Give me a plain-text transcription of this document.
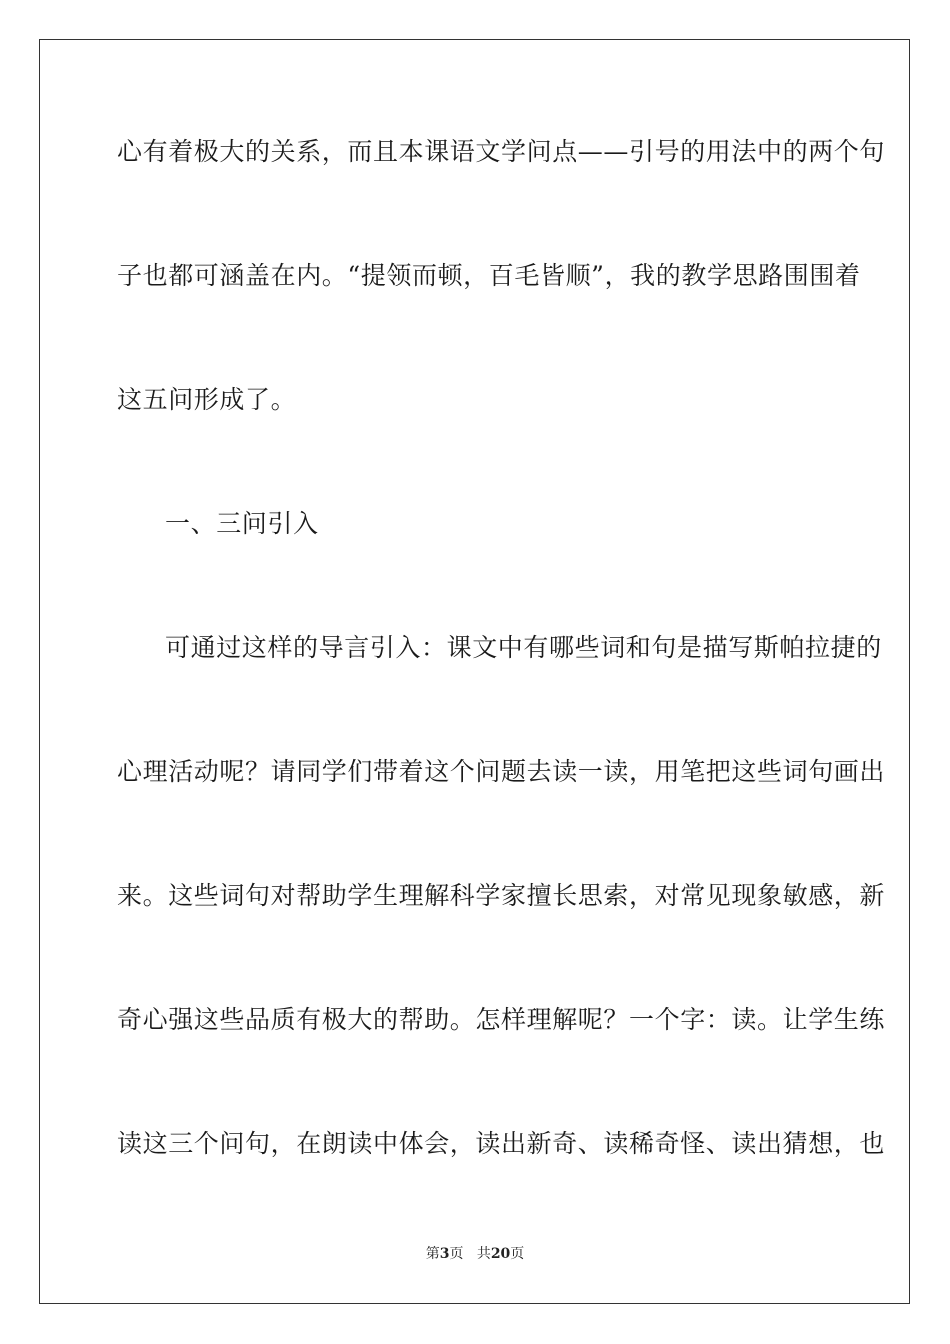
心有着极大的关系，而且本课语文学问点——引号的用法中的两个句
子也都可涵盖在内。“提领而顿，百毛皆顺”，我的教学思路围围着
这五问形成了。
一、三问引入
可通过这样的导言引入：课文中有哪些词和句是描写斯帕拉捷的
心理活动呢？请同学们带着这个问题去读一读，用笔把这些词句画出
来。这些词句对帮助学生理解科学家擅长思索，对常见现象敏感，新
奇心强这些品质有极大的帮助。怎样理解呢？一个字：读。让学生练
读这三个问句，在朗读中体会，读出新奇、读稀奇怪、读出猜想，也
第3页 共20页
